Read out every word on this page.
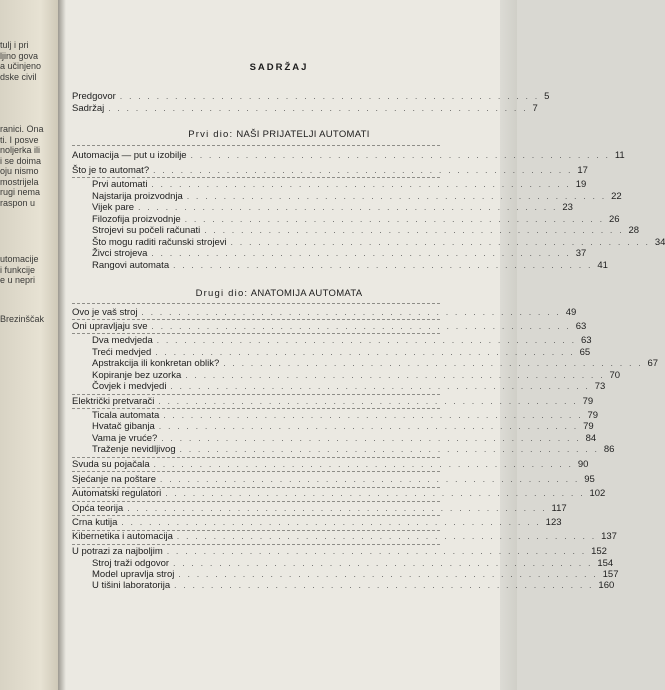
tulj i pri
ljino gova
a učinjeno
dske civil
ranici. Ona
ti. I posve
noljerka ili
i se doima
oju nismo
mostrijela
rugi nema
raspon u
utomacije
i funkcije
e u nepri
Brezinščak
SADRŽAJ
Predgovor .............................................. 5
Sadržaj .............................................. 7
Prvi dio: NAŠI PRIJATELJI AUTOMATI
Automacija — put u izobilje .............................................. 11
Što je to automat? .............................................. 17
Prvi automati .............................................. 19
Najstarija proizvodnja .............................................. 22
Vijek pare .............................................. 23
Filozofija proizvodnje .............................................. 26
Strojevi su počeli računati .............................................. 28
Što mogu raditi računski strojevi .............................................. 34
Živci strojeva .............................................. 37
Rangovi automata .............................................. 41
Drugi dio: ANATOMIJA AUTOMATA
Ovo je vaš stroj .............................................. 49
Oni upravljaju sve .............................................. 63
Dva medvjeda .............................................. 63
Treći medvjed .............................................. 65
Apstrakcija ili konkretan oblik? .............................................. 67
Kopiranje bez uzorka .............................................. 70
Čovjek i medvjedi .............................................. 73
Električki pretvarači .............................................. 79
Ticala automata .............................................. 79
Hvatač gibanja .............................................. 79
Vama je vruće? .............................................. 84
Traženje nevidljivog .............................................. 86
Svuda su pojačala .............................................. 90
Sjećanje na poštare .............................................. 95
Automatski regulatori .............................................. 102
Opća teorija .............................................. 117
Crna kutija .............................................. 123
Kibernetika i automacija .............................................. 137
U potrazi za najboljim .............................................. 152
Stroj traži odgovor .............................................. 154
Model upravlja stroj .............................................. 157
U tišini laboratorija .............................................. 160
